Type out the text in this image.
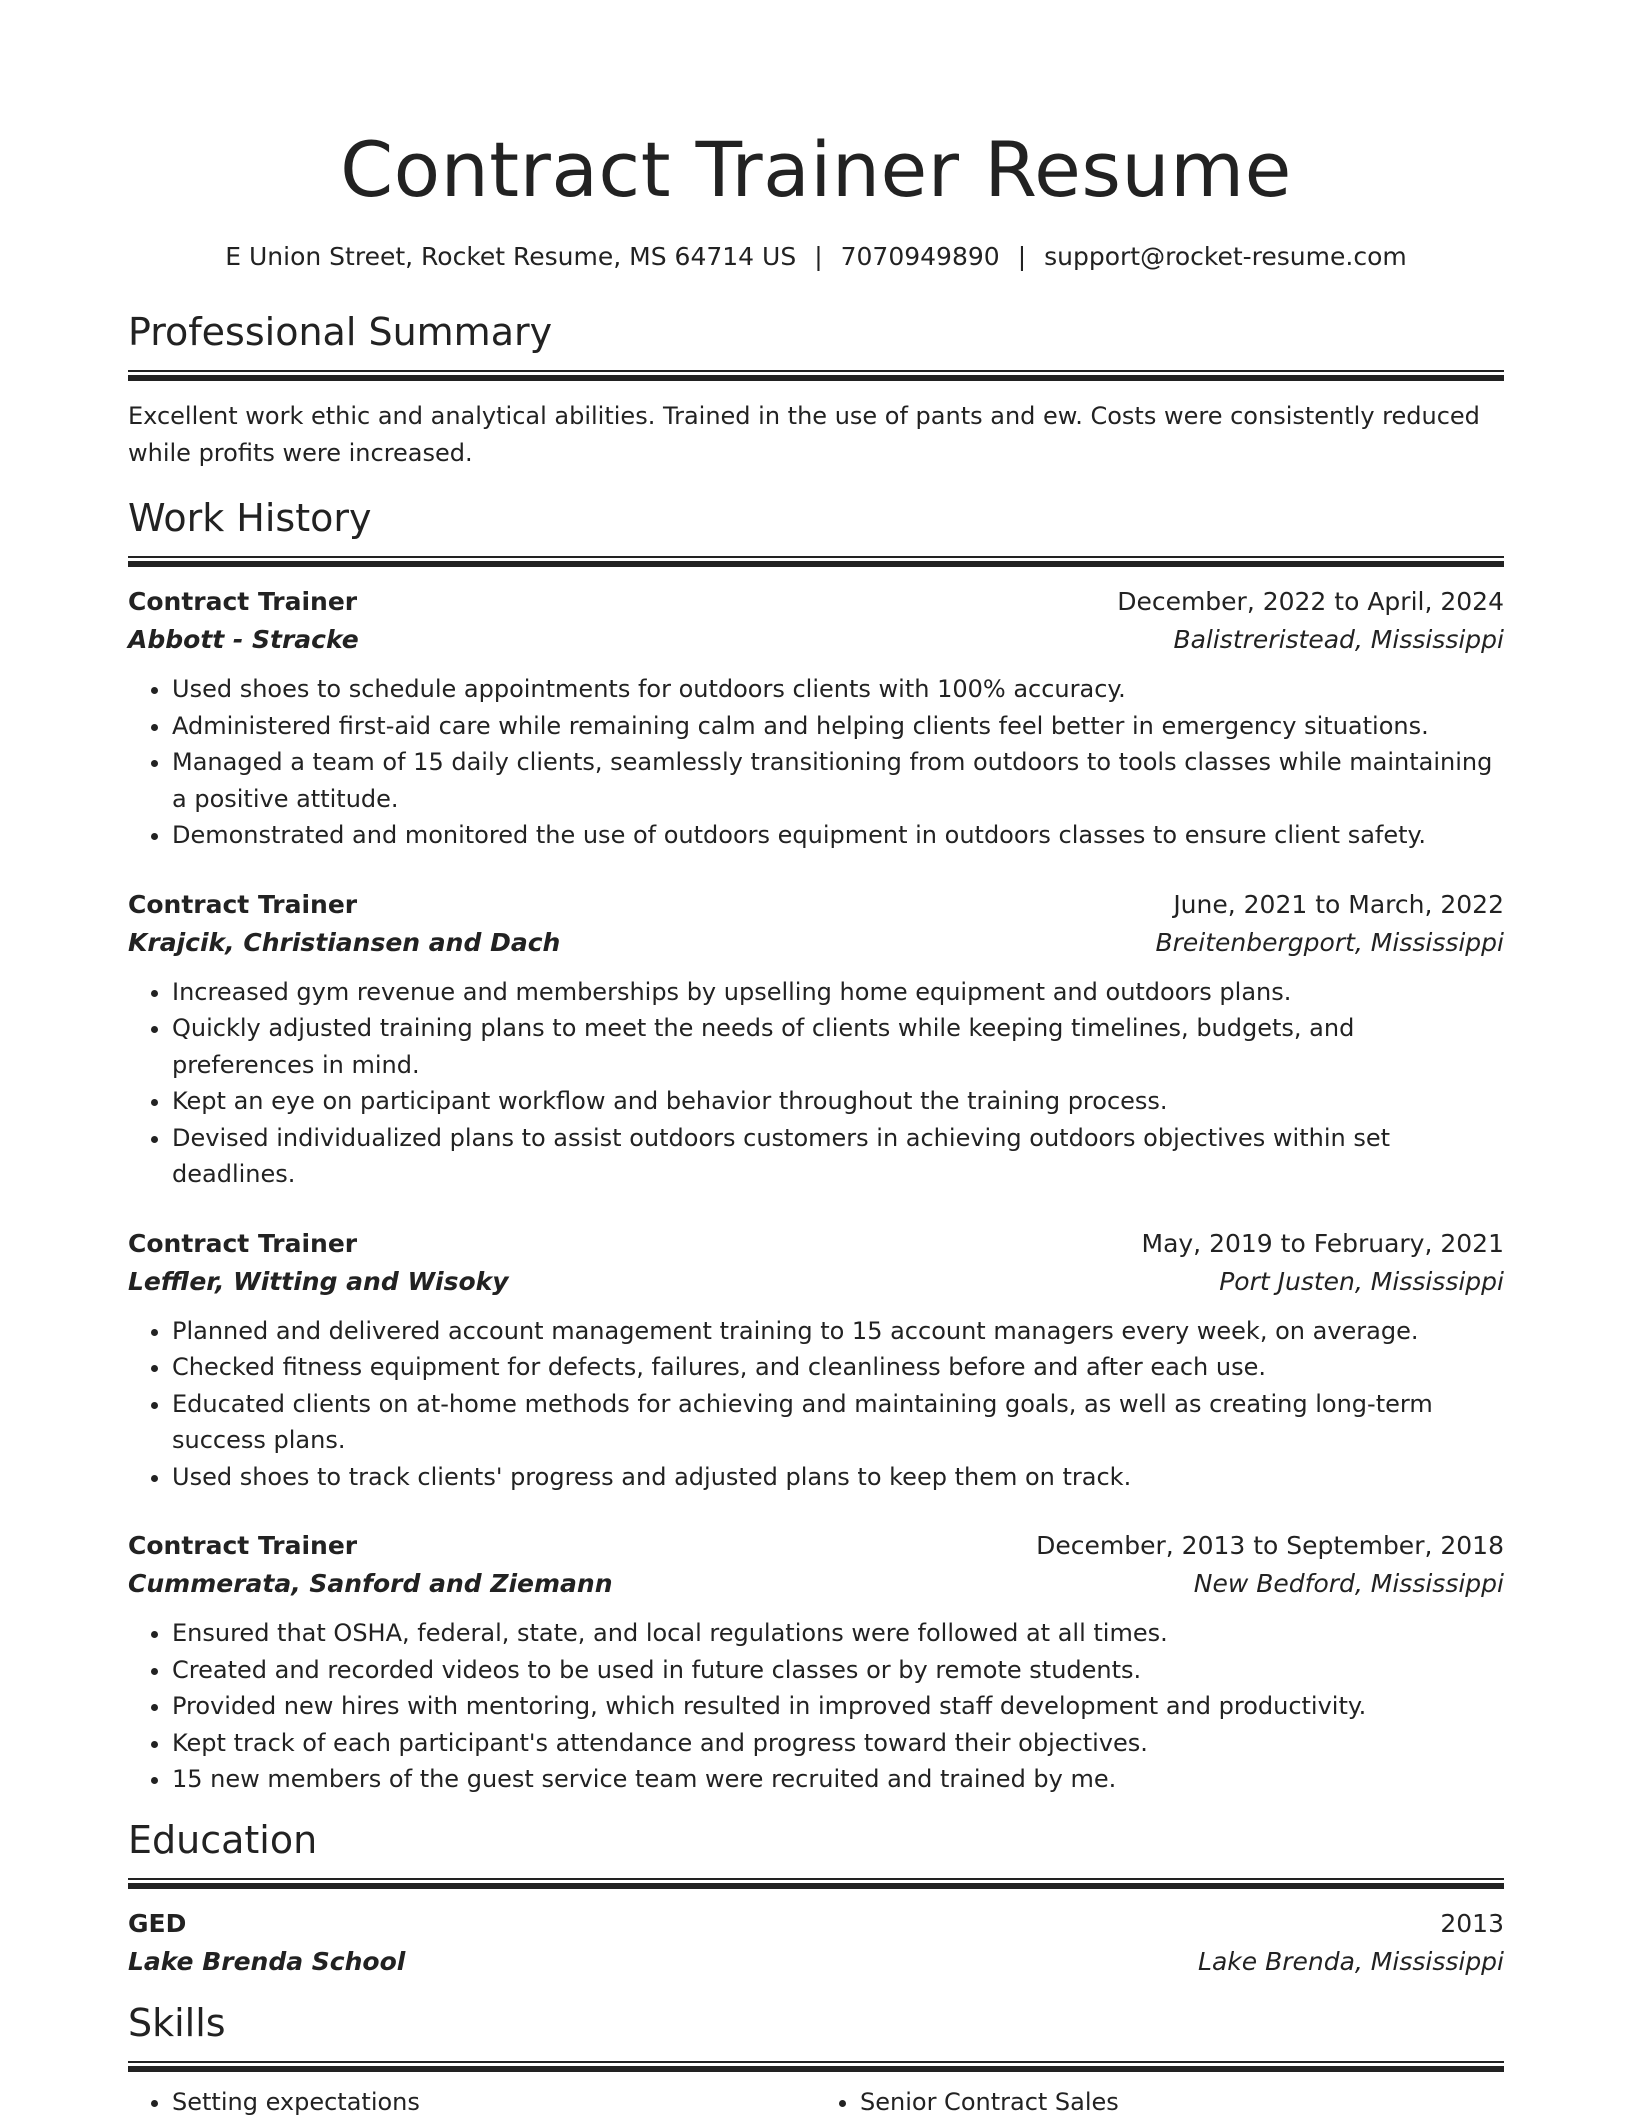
Contract Trainer Resume
E Union Street, Rocket Resume, MS 64714 US | 7070949890 | support@rocket-resume.com
Professional Summary

Excellent work ethic and analytical abilities. Trained in the use of pants and ew. Costs were consistently reduced while profits were increased.

Work History
Contract Trainer	December, 2022 to April, 2024
Abbott - Stracke	Balistreristead, Mississippi
• Used shoes to schedule appointments for outdoors clients with 100% accuracy.
• Administered first-aid care while remaining calm and helping clients feel better in emergency situations.
• Managed a team of 15 daily clients, seamlessly transitioning from outdoors to tools classes while maintaining a positive attitude.
• Demonstrated and monitored the use of outdoors equipment in outdoors classes to ensure client safety.
Contract Trainer	June, 2021 to March, 2022
Krajcik, Christiansen and Dach	Breitenbergport, Mississippi
• Increased gym revenue and memberships by upselling home equipment and outdoors plans.
• Quickly adjusted training plans to meet the needs of clients while keeping timelines, budgets, and preferences in mind.
• Kept an eye on participant workflow and behavior throughout the training process.
• Devised individualized plans to assist outdoors customers in achieving outdoors objectives within set deadlines.
Contract Trainer	May, 2019 to February, 2021
Leffler, Witting and Wisoky	Port Justen, Mississippi
• Planned and delivered account management training to 15 account managers every week, on average.
• Checked fitness equipment for defects, failures, and cleanliness before and after each use.
• Educated clients on at-home methods for achieving and maintaining goals, as well as creating long-term success plans.
• Used shoes to track clients' progress and adjusted plans to keep them on track.
Contract Trainer	December, 2013 to September, 2018
Cummerata, Sanford and Ziemann	New Bedford, Mississippi
• Ensured that OSHA, federal, state, and local regulations were followed at all times.
• Created and recorded videos to be used in future classes or by remote students.
• Provided new hires with mentoring, which resulted in improved staff development and productivity.
• Kept track of each participant's attendance and progress toward their objectives.
• 15 new members of the guest service team were recruited and trained by me.
Education
GED	2013
Lake Brenda School	Lake Brenda, Mississippi
Skills
• Setting expectations
•	Senior Contract Sales
